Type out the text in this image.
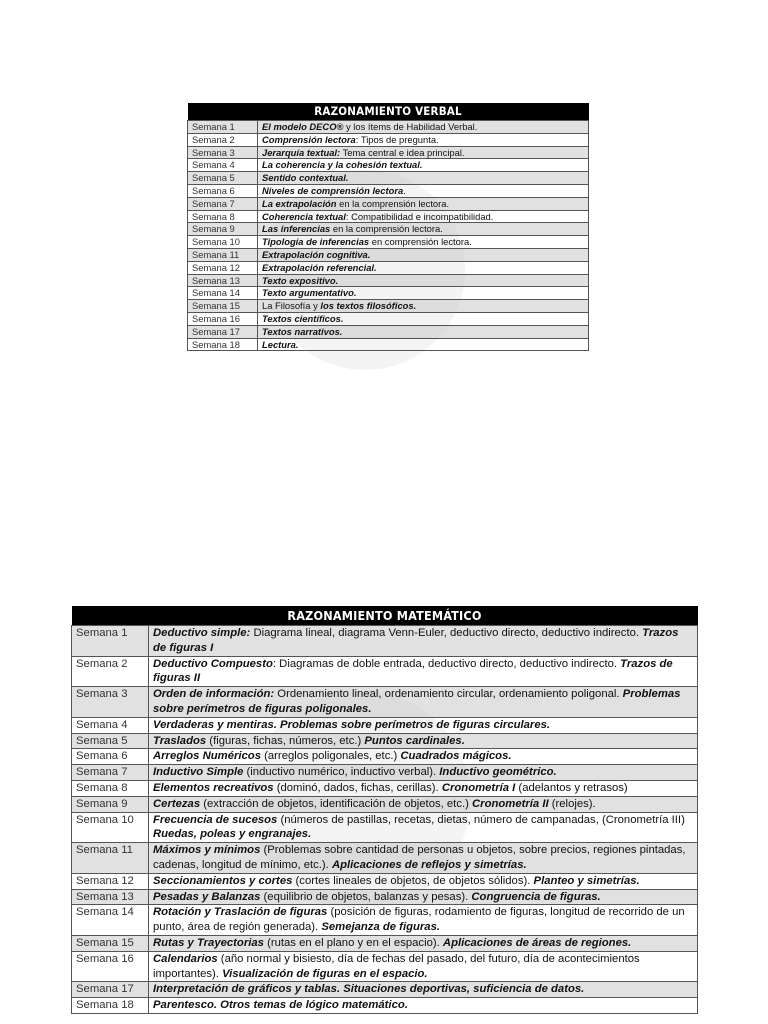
RAZONAMIENTO VERBAL	
Semana 1	El modelo DECO® y los ítems de Habilidad Verbal.
Semana 2	Comprensión lectora: Tipos de pregunta.
Semana 3	Jerarquía textual: Tema central e idea principal.
Semana 4	La coherencia y la cohesión textual.
Semana 5	Sentido contextual.
Semana 6	Niveles de comprensión lectora.
Semana 7	La extrapolación en la comprensión lectora.
Semana 8	Coherencia textual: Compatibilidad e incompatibilidad.
Semana 9	Las inferencias en la comprensión lectora.
Semana 10	Tipología de inferencias en comprensión lectora.
Semana 11	Extrapolación cognitiva.
Semana 12	Extrapolación referencial.
Semana 13	Texto expositivo.
Semana 14	Texto argumentativo.
Semana 15	La Filosofía y los textos filosóficos.
Semana 16	Textos científicos.
Semana 17	Textos narrativos.
Semana 18	Lectura.
RAZONAMIENTO MATEMÁTICO	
Semana 1	Deductivo simple: Diagrama lineal, diagrama Venn-Euler, deductivo directo, deductivo indirecto. Trazos de figuras I
Semana 2	Deductivo Compuesto: Diagramas de doble entrada, deductivo directo, deductivo indirecto. Trazos de figuras II
Semana 3	Orden de información: Ordenamiento lineal, ordenamiento circular, ordenamiento poligonal. Problemas sobre perímetros de figuras poligonales.
Semana 4	Verdaderas y mentiras. Problemas sobre perímetros de figuras circulares.
Semana 5	Traslados (figuras, fichas, números, etc.) Puntos cardinales.
Semana 6	Arreglos Numéricos (arreglos poligonales, etc.) Cuadrados mágicos.
Semana 7	Inductivo Simple (inductivo numérico, inductivo verbal). Inductivo geométrico.
Semana 8	Elementos recreativos (dominó, dados, fichas, cerillas). Cronometría I (adelantos y retrasos)
Semana 9	Certezas (extracción de objetos, identificación de objetos, etc.) Cronometría II (relojes).
Semana 10	Frecuencia de sucesos (números de pastillas, recetas, dietas, número de campanadas, (Cronometría III) Ruedas, poleas y engranajes.
Semana 11	Máximos y mínimos (Problemas sobre cantidad de personas u objetos, sobre precios, regiones pintadas, cadenas, longitud de mínimo, etc.). Aplicaciones de reflejos y simetrías.
Semana 12	Seccionamientos y cortes (cortes lineales de objetos, de objetos sólidos). Planteo y simetrías.
Semana 13	Pesadas y Balanzas (equilibrio de objetos, balanzas y pesas). Congruencia de figuras.
Semana 14	Rotación y Traslación de figuras (posición de figuras, rodamiento de figuras, longitud de recorrido de un punto, área de región generada). Semejanza de figuras.
Semana 15	Rutas y Trayectorias (rutas en el plano y en el espacio). Aplicaciones de áreas de regiones.
Semana 16	Calendarios (año normal y bisiesto, día de fechas del pasado, del futuro, día de acontecimientos importantes). Visualización de figuras en el espacio.
Semana 17	Interpretación de gráficos y tablas. Situaciones deportivas, suficiencia de datos.
Semana 18	Parentesco. Otros temas de lógico matemático.
